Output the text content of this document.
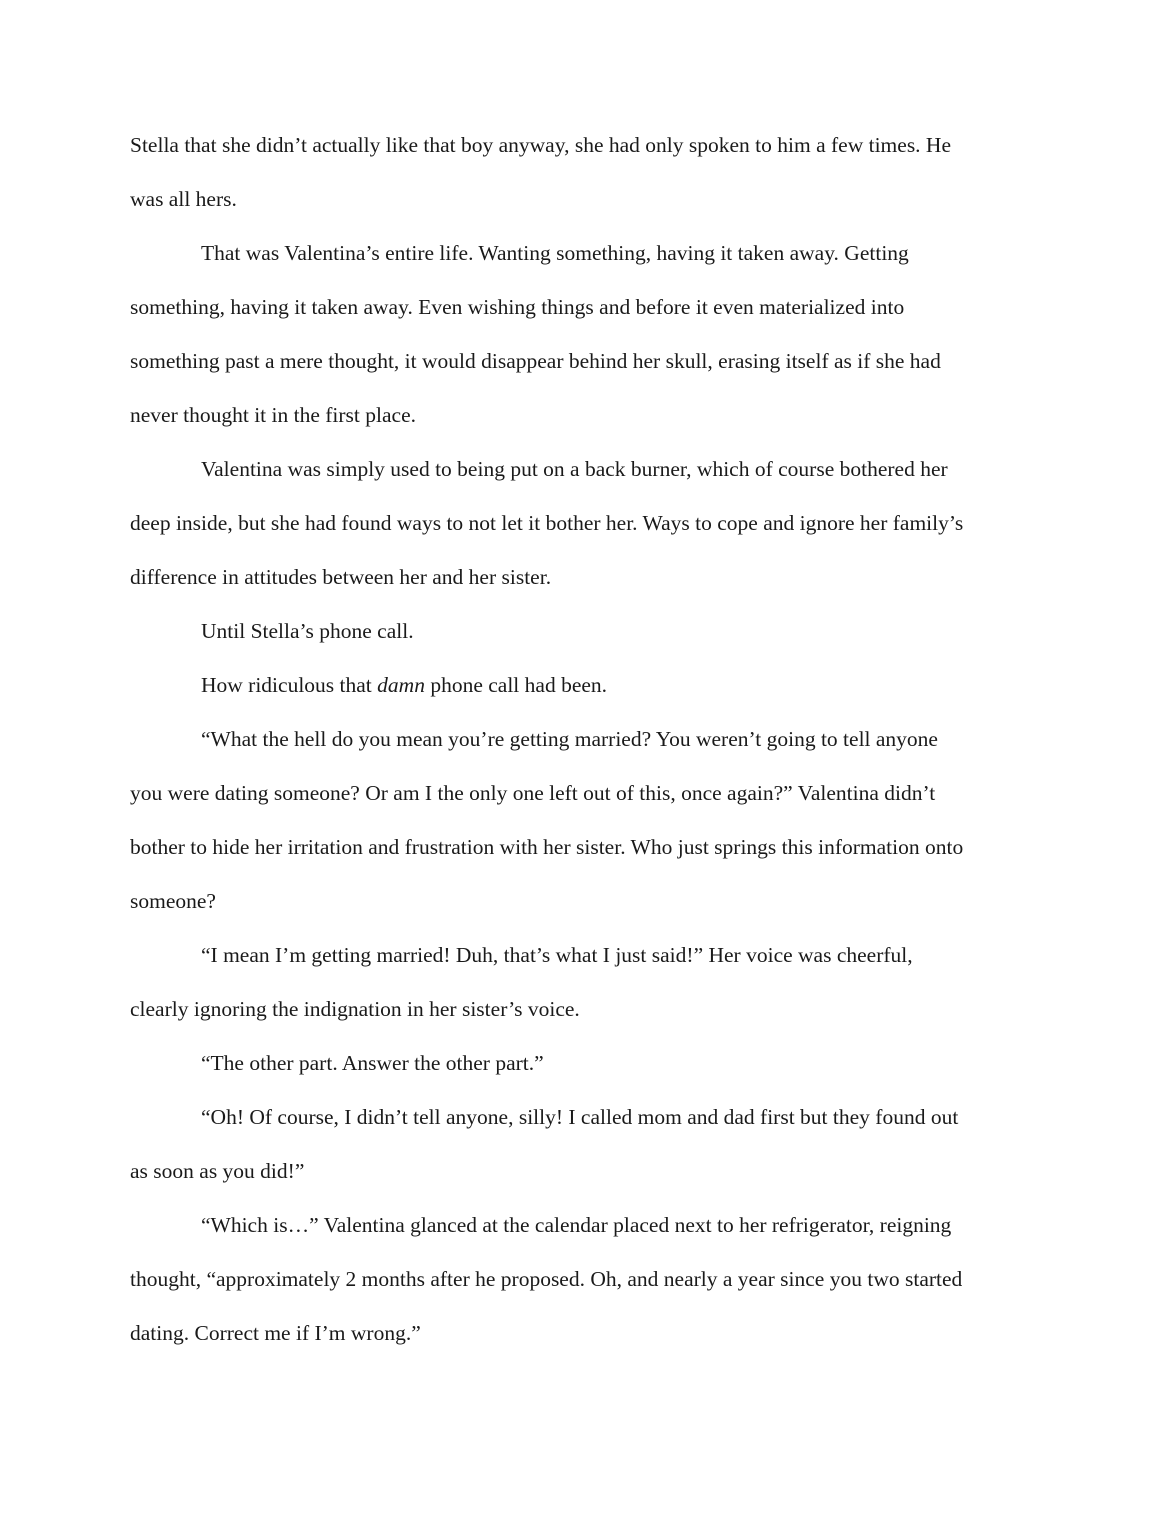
Stella that she didn’t actually like that boy anyway, she had only spoken to him a few times. He
was all hers.

That was Valentina’s entire life. Wanting something, having it taken away. Getting
something, having it taken away. Even wishing things and before it even materialized into
something past a mere thought, it would disappear behind her skull, erasing itself as if she had
never thought it in the first place.

Valentina was simply used to being put on a back burner, which of course bothered her
deep inside, but she had found ways to not let it bother her. Ways to cope and ignore her family’s
difference in attitudes between her and her sister.

Until Stella’s phone call.

How ridiculous that damn phone call had been.

“What the hell do you mean you’re getting married? You weren’t going to tell anyone
you were dating someone? Or am I the only one left out of this, once again?” Valentina didn’t
bother to hide her irritation and frustration with her sister. Who just springs this information onto
someone?

“I mean I’m getting married! Duh, that’s what I just said!” Her voice was cheerful,
clearly ignoring the indignation in her sister’s voice.

“The other part. Answer the other part.”

“Oh! Of course, I didn’t tell anyone, silly! I called mom and dad first but they found out
as soon as you did!”

“Which is…” Valentina glanced at the calendar placed next to her refrigerator, reigning
thought, “approximately 2 months after he proposed. Oh, and nearly a year since you two started
dating. Correct me if I’m wrong.”
